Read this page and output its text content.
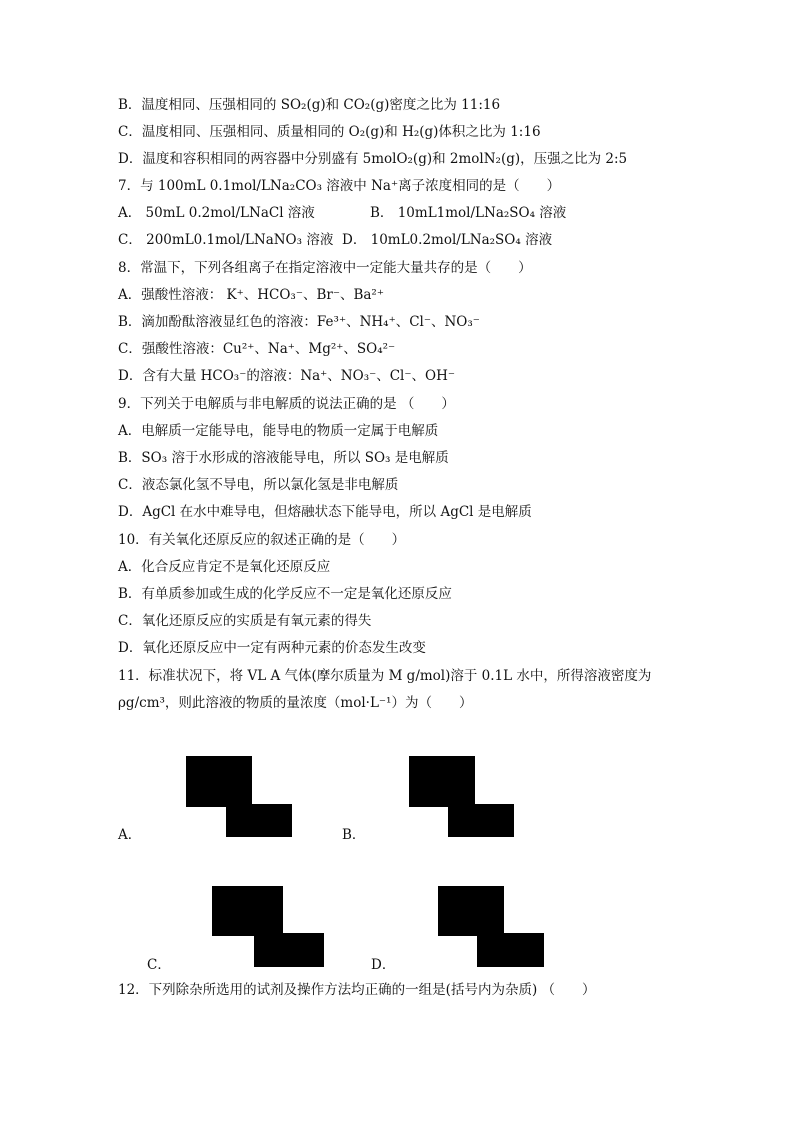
B．温度相同、压强相同的 SO₂(g)和 CO₂(g)密度之比为 11:16
C．温度相同、压强相同、质量相同的 O₂(g)和 H₂(g)体积之比为 1:16
D．温度和容积相同的两容器中分别盛有 5molO₂(g)和 2molN₂(g)，压强之比为 2:5
7．与 100mL 0.1mol/LNa₂CO₃ 溶液中 Na⁺离子浓度相同的是（　　）
A． 50mL 0.2mol/LNaCl 溶液	B． 10mL1mol/LNa₂SO₄ 溶液
C． 200mL0.1mol/LNaNO₃ 溶液 D． 10mL0.2mol/LNa₂SO₄ 溶液
8．常温下，下列各组离子在指定溶液中一定能大量共存的是（　　）
A．强酸性溶液： K⁺、HCO₃⁻、Br⁻、Ba²⁺
B．滴加酚酞溶液显红色的溶液：Fe³⁺、NH₄⁺、Cl⁻、NO₃⁻
C．强酸性溶液：Cu²⁺、Na⁺、Mg²⁺、SO₄²⁻
D．含有大量 HCO₃⁻的溶液：Na⁺、NO₃⁻、Cl⁻、OH⁻
9．下列关于电解质与非电解质的说法正确的是 （　　）
A．电解质一定能导电，能导电的物质一定属于电解质
B．SO₃ 溶于水形成的溶液能导电，所以 SO₃ 是电解质
C．液态氯化氢不导电，所以氯化氢是非电解质
D．AgCl 在水中难导电，但熔融状态下能导电，所以 AgCl 是电解质
10．有关氧化还原反应的叙述正确的是（　　）
A．化合反应肯定不是氧化还原反应
B．有单质参加或生成的化学反应不一定是氧化还原反应
C．氧化还原反应的实质是有氧元素的得失
D．氧化还原反应中一定有两种元素的价态发生改变
11．标准状况下，将 VL A 气体(摩尔质量为 M g/mol)溶于 0.1L 水中，所得溶液密度为
ρg/cm³，则此溶液的物质的量浓度（mol·L⁻¹）为（　　）
A．	B．
C．	D．
12．下列除杂所选用的试剂及操作方法均正确的一组是(括号内为杂质) （　　）
